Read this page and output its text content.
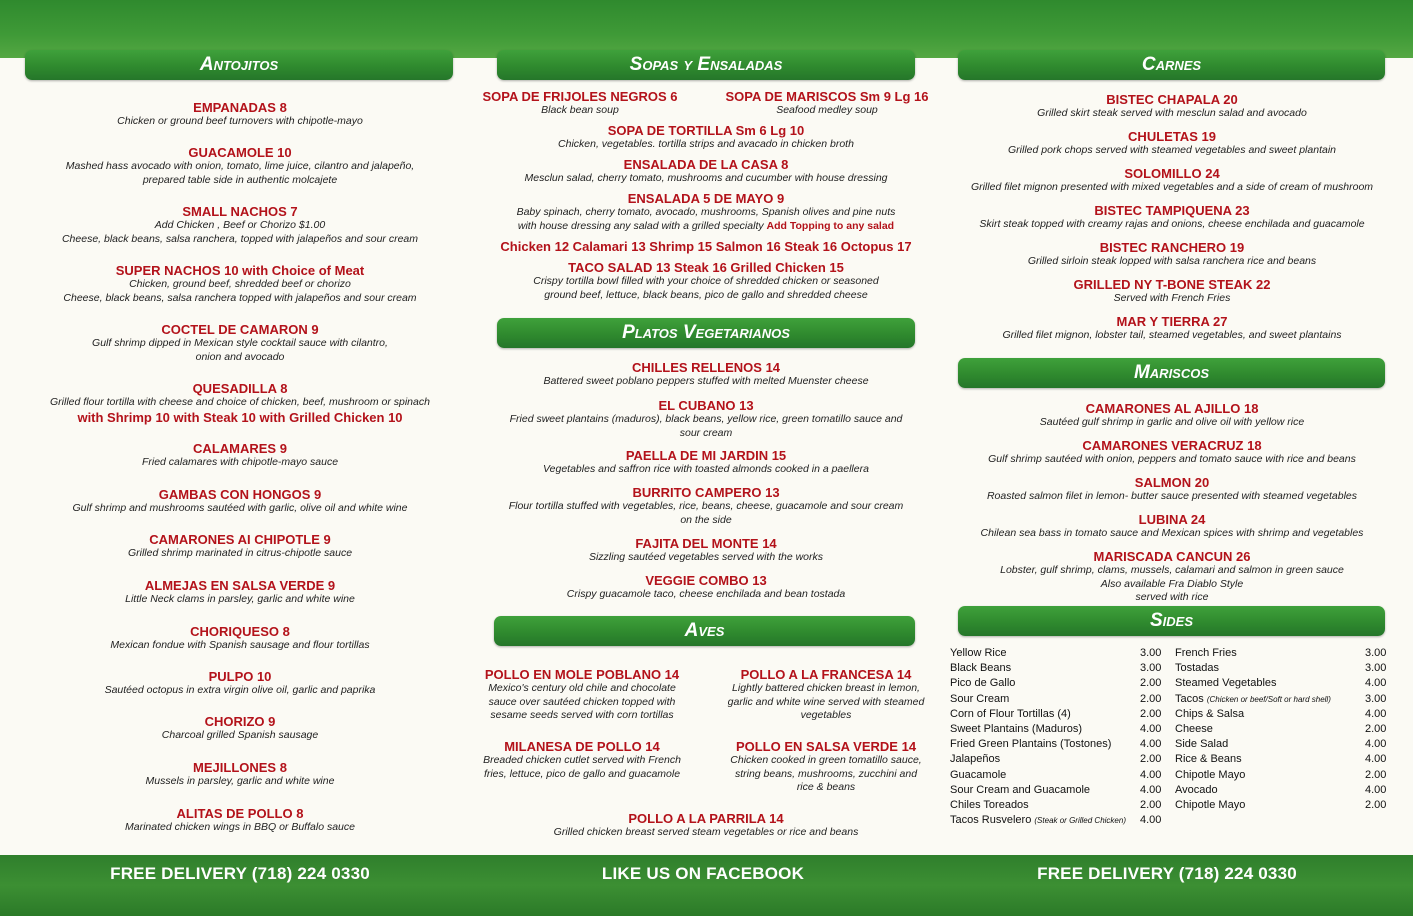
Antojitos	Sopas y Ensaladas	Carnes
Platos Vegetarianos
Mariscos
Aves	Sides
EMPANADAS 8
Chicken or ground beef turnovers with chipotle-mayo
GUACAMOLE 10
Mashed hass avocado with onion, tomato, lime juice, cilantro and jalapeño,
prepared table side in authentic molcajete
SMALL NACHOS 7
Add Chicken , Beef or Chorizo $1.00
Cheese, black beans, salsa ranchera, topped with jalapeños and sour cream
SUPER NACHOS 10 with Choice of Meat
Chicken, ground beef, shredded beef or chorizo
Cheese, black beans, salsa ranchera topped with jalapeños and sour cream
COCTEL DE CAMARON 9
Gulf shrimp dipped in Mexican style cocktail sauce with cilantro,
onion and avocado
QUESADILLA 8
Grilled flour tortilla with cheese and choice of chicken, beef, mushroom or spinach
with Shrimp 10 with Steak 10 with Grilled Chicken 10
CALAMARES 9
Fried calamares with chipotle-mayo sauce
GAMBAS CON HONGOS 9
Gulf shrimp and mushrooms sautéed with garlic, olive oil and white wine
CAMARONES AI CHIPOTLE 9
Grilled shrimp marinated in citrus-chipotle sauce
ALMEJAS EN SALSA VERDE 9
Little Neck clams in parsley, garlic and white wine
CHORIQUESO 8
Mexican fondue with Spanish sausage and flour tortillas
PULPO 10
Sautéed octopus in extra virgin olive oil, garlic and paprika
CHORIZO 9
Charcoal grilled Spanish sausage
MEJILLONES 8
Mussels in parsley, garlic and white wine
ALITAS DE POLLO 8
Marinated chicken wings in BBQ or Buffalo sauce
SOPA DE FRIJOLES NEGROS 6
Black bean soup
SOPA DE MARISCOS Sm 9 Lg 16
Seafood medley soup
SOPA DE TORTILLA Sm 6 Lg 10
Chicken, vegetables. tortilla strips and avacado in chicken broth
ENSALADA DE LA CASA 8
Mesclun salad, cherry tomato, mushrooms and cucumber with house dressing
ENSALADA 5 DE MAYO 9
Baby spinach, cherry tomato, avocado, mushrooms, Spanish olives and pine nuts
with house dressing any salad with a grilled specialty Add Topping to any salad
Chicken 12 Calamari 13 Shrimp 15 Salmon 16 Steak 16 Octopus 17
TACO SALAD 13 Steak 16 Grilled Chicken 15
Crispy tortilla bowl filled with your choice of shredded chicken or seasoned
ground beef, lettuce, black beans, pico de gallo and shredded cheese
CHILLES RELLENOS 14
Battered sweet poblano peppers stuffed with melted Muenster cheese
EL CUBANO 13
Fried sweet plantains (maduros), black beans, yellow rice, green tomatillo sauce and
sour cream
PAELLA DE MI JARDIN 15
Vegetables and saffron rice with toasted almonds cooked in a paellera
BURRITO CAMPERO 13
Flour tortilla stuffed with vegetables, rice, beans, cheese, guacamole and sour cream
on the side
FAJITA DEL MONTE 14
Sizzling sautéed vegetables served with the works
VEGGIE COMBO 13
Crispy guacamole taco, cheese enchilada and bean tostada
POLLO EN MOLE POBLANO 14
Mexico's century old chile and chocolate
sauce over sautéed chicken topped with
sesame seeds served with corn tortillas
POLLO A LA FRANCESA 14
Lightly battered chicken breast in lemon,
garlic and white wine served with steamed
vegetables
MILANESA DE POLLO 14
Breaded chicken cutlet served with French
fries, lettuce, pico de gallo and guacamole
POLLO EN SALSA VERDE 14
Chicken cooked in green tomatillo sauce,
string beans, mushrooms, zucchini and
rice & beans
POLLO A LA PARRILA 14
Grilled chicken breast served steam vegetables or rice and beans
BISTEC CHAPALA 20
Grilled skirt steak served with mesclun salad and avocado
CHULETAS 19
Grilled pork chops served with steamed vegetables and sweet plantain
SOLOMILLO 24
Grilled filet mignon presented with mixed vegetables and a side of cream of mushroom
BISTEC TAMPIQUENA 23
Skirt steak topped with creamy rajas and onions, cheese enchilada and guacamole
BISTEC RANCHERO 19
Grilled sirloin steak lopped with salsa ranchera rice and beans
GRILLED NY T-BONE STEAK 22
Served with French Fries
MAR Y TIERRA 27
Grilled filet mignon, lobster tail, steamed vegetables, and sweet plantains
CAMARONES AL AJILLO 18
Sautéed gulf shrimp in garlic and olive oil with yellow rice
CAMARONES VERACRUZ 18
Gulf shrimp sautéed with onion, peppers and tomato sauce with rice and beans
SALMON 20
Roasted salmon filet in lemon- butter sauce presented with steamed vegetables
LUBINA 24
Chilean sea bass in tomato sauce and Mexican spices with shrimp and vegetables
MARISCADA CANCUN 26
Lobster, gulf shrimp, clams, mussels, calamari and salmon in green sauce
Also available Fra Diablo Style
served with rice
Yellow Rice	3.00
Black Beans	3.00
Pico de Gallo	2.00
Sour Cream	2.00
Corn of Flour Tortillas (4)	2.00
Sweet Plantains (Maduros)	4.00
Fried Green Plantains (Tostones)	4.00
Jalapeños	2.00
Guacamole	4.00
Sour Cream and Guacamole	4.00
Chiles Toreados	2.00
Tacos Rusvelero (Steak or Grilled Chicken) 4.00
French Fries	3.00
Tostadas	3.00
Steamed Vegetables	4.00
Tacos (Chicken or beef/Soft or hard shell)	3.00
Chips & Salsa	4.00
Cheese	2.00
Side Salad	4.00
Rice & Beans	4.00
Chipotle Mayo	2.00
Avocado	4.00
Chipotle Mayo	2.00
FREE DELIVERY (718) 224 0330	LIKE US ON FACEBOOK	FREE DELIVERY (718) 224 0330
